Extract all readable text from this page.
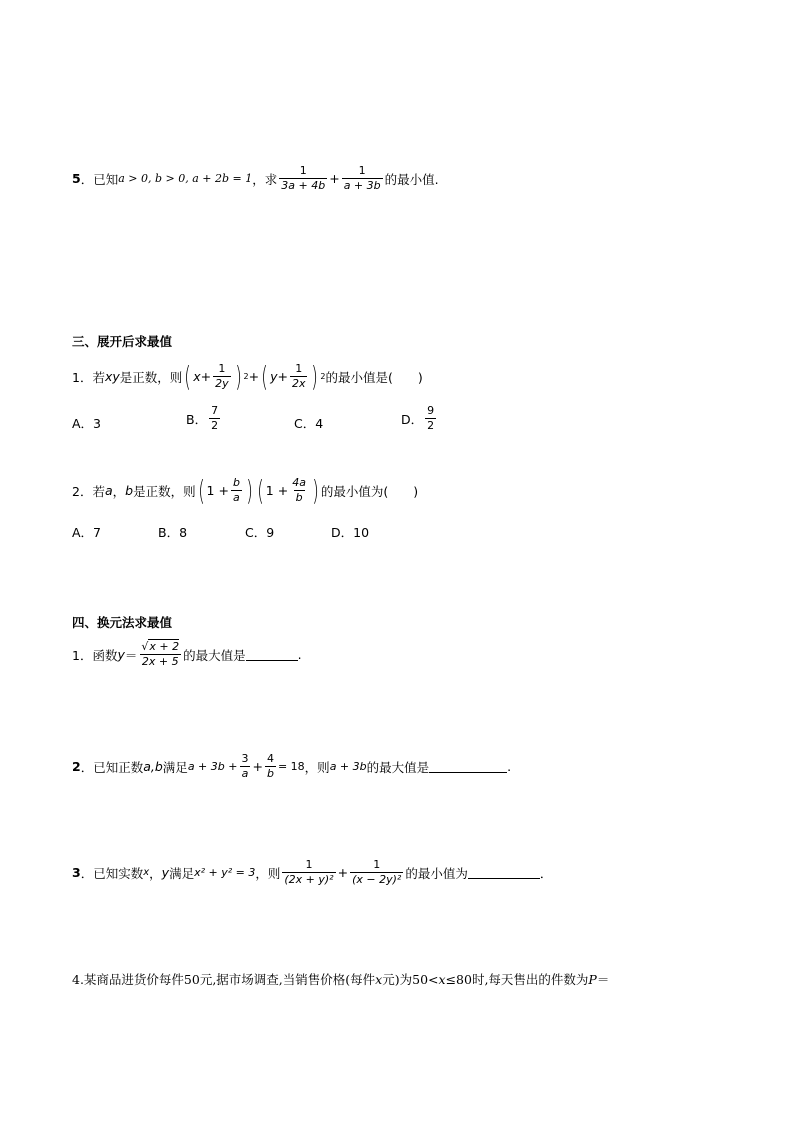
5 ．已知 a > 0, b > 0, a + 2b = 1 ，求 $\frac{1}{3a + 4b} + \frac{1}{a + 3b}$ 的最小值.
三、展开后求最值
1．若 xy 是正数，则 ( $x + \frac{1}{2y}$ ) 2 + ( $y + \frac{1}{2x}$ ) 2 的最小值是(　　)
A．3	B． $\frac{7}{2}$	C．4	D． $\frac{9}{2}$
2．若 a ， b 是正数，则 ( $1 + \frac{b}{a}$ ) ( $1 + \frac{4a}{b}$ ) 的最小值为(　　)
A．7	B．8	C．9	D．10
四、换元法求最值
1．函数 $y = \frac{√x + 2}{2x + 5}$ 的最大值是	.
2 ．已知正数 a,b 满足 $a + 3b + \frac{3}{a} + \frac{4}{b} = 18$ ，则 a + 3b 的最大值是	.
3 ．已知实数 x ， y 满足 x² + y² = 3 ，则 $\frac{1}{\text{(2x + y)²}} + \frac{1}{\text{(x − 2y)²}}$ 的最小值为	．
4.某商品进货价每件50元,据市场调查,当销售价格(每件 x 元)为50< x ≤80时,每天售出的件数为 P ＝
